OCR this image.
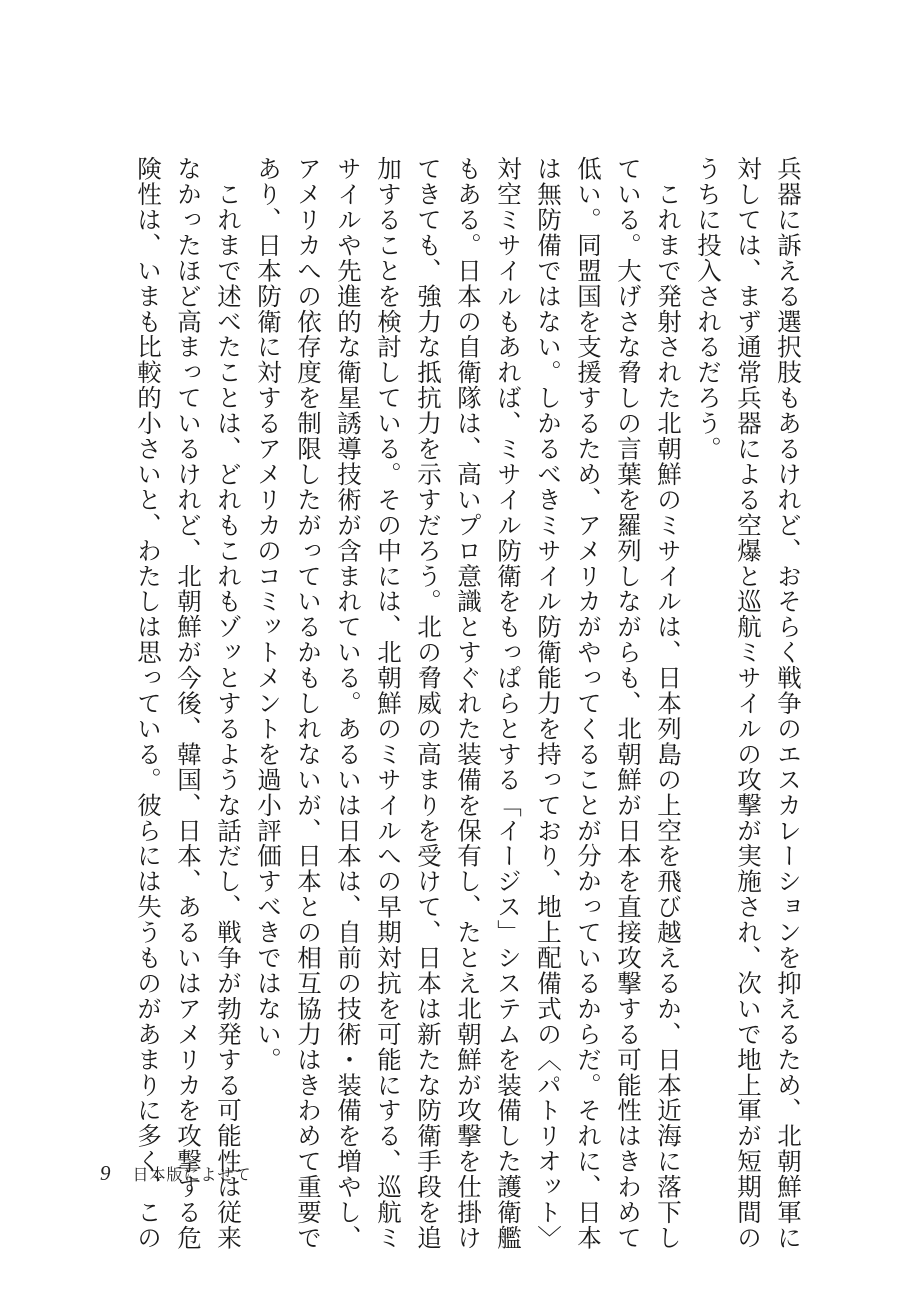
兵器に訴える選択肢もあるけれど、おそらく戦争のエスカレーションを抑えるため、北朝鮮軍に
対しては、まず通常兵器による空爆と巡航ミサイルの攻撃が実施され、次いで地上軍が短期間の
うちに投入されるだろう。
　これまで発射された北朝鮮のミサイルは、日本列島の上空を飛び越えるか、日本近海に落下し
ている。大げさな脅しの言葉を羅列しながらも、北朝鮮が日本を直接攻撃する可能性はきわめて
低い。同盟国を支援するため、アメリカがやってくることが分かっているからだ。それに、日本
は無防備ではない。しかるべきミサイル防衛能力を持っており、地上配備式の〈パトリオット〉
対空ミサイルもあれば、ミサイル防衛をもっぱらとする「イージス」システムを装備した護衛艦
もある。日本の自衛隊は、高いプロ意識とすぐれた装備を保有し、たとえ北朝鮮が攻撃を仕掛け
てきても、強力な抵抗力を示すだろう。北の脅威の高まりを受けて、日本は新たな防衛手段を追
加することを検討している。その中には、北朝鮮のミサイルへの早期対抗を可能にする、巡航ミ
サイルや先進的な衛星誘導技術が含まれている。あるいは日本は、自前の技術・装備を増やし、
アメリカへの依存度を制限したがっているかもしれないが、日本との相互協力はきわめて重要で
あり、日本防衛に対するアメリカのコミットメントを過小評価すべきではない。
　これまで述べたことは、どれもこれもゾッとするような話だし、戦争が勃発する可能性は従来
なかったほど高まっているけれど、北朝鮮が今後、韓国、日本、あるいはアメリカを攻撃する危
険性は、いまも比較的小さいと、わたしは思っている。彼らには失うものがあまりに多く、この
9 日本版によせて
